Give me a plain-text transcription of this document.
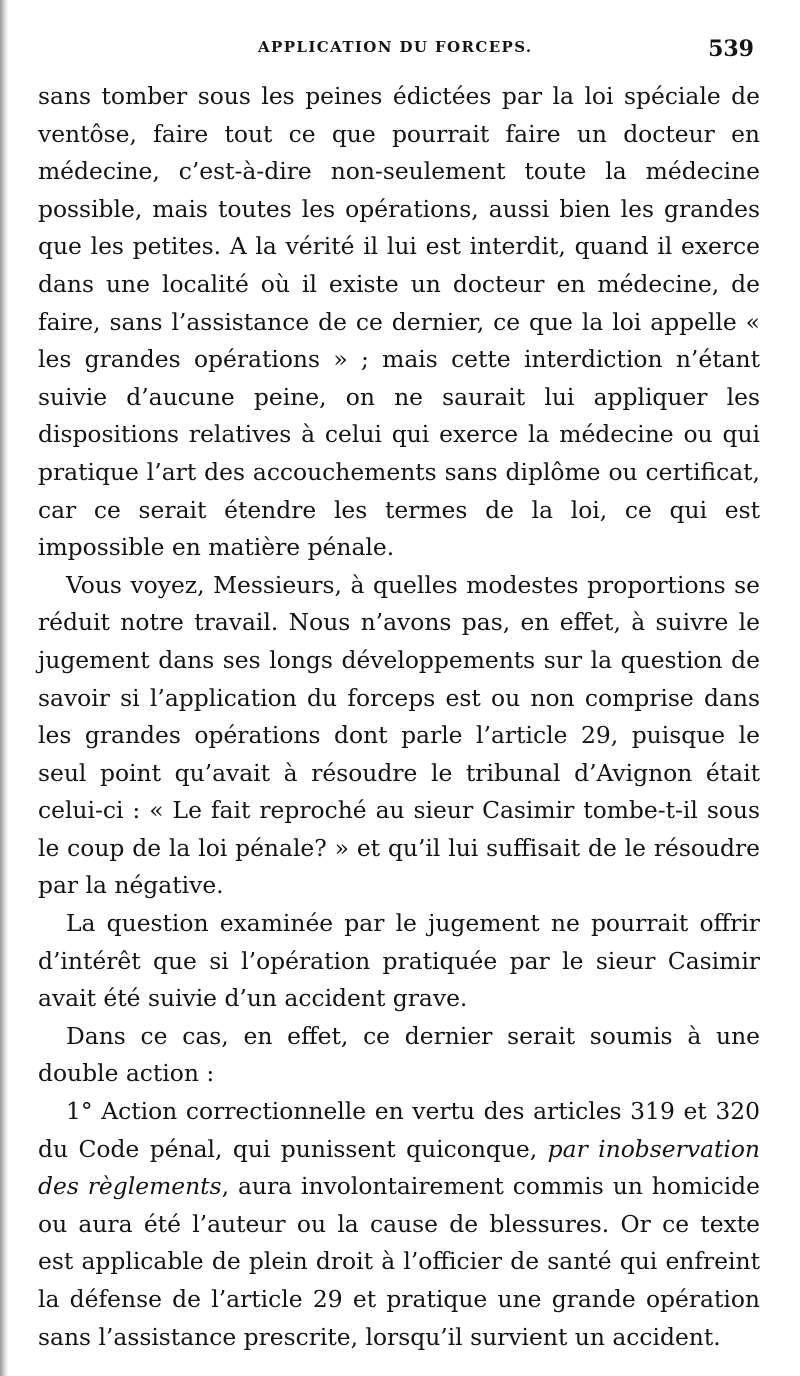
APPLICATION DU FORCEPS.	539

sans tomber sous les peines édictées par la loi spéciale de ventôse, faire tout ce que pourrait faire un docteur en médecine, c’est-à-dire non-seulement toute la médecine possible, mais toutes les opérations, aussi bien les grandes que les petites. A la vérité il lui est interdit, quand il exerce dans une localité où il existe un docteur en médecine, de faire, sans l’assistance de ce dernier, ce que la loi appelle « les grandes opérations » ; mais cette interdiction n’étant suivie d’aucune peine, on ne saurait lui appliquer les dispositions relatives à celui qui exerce la médecine ou qui pratique l’art des accouchements sans diplôme ou certificat, car ce serait étendre les termes de la loi, ce qui est impossible en matière pénale.

Vous voyez, Messieurs, à quelles modestes proportions se réduit notre travail. Nous n’avons pas, en effet, à suivre le jugement dans ses longs développements sur la question de savoir si l’application du forceps est ou non comprise dans les grandes opérations dont parle l’article 29, puisque le seul point qu’avait à résoudre le tribunal d’Avignon était celui-ci : « Le fait reproché au sieur Casimir tombe-t-il sous le coup de la loi pénale? » et qu’il lui suffisait de le résoudre par la négative.

La question examinée par le jugement ne pourrait offrir d’intérêt que si l’opération pratiquée par le sieur Casimir avait été suivie d’un accident grave.

Dans ce cas, en effet, ce dernier serait soumis à une double action :

1° Action correctionnelle en vertu des articles 319 et 320 du Code pénal, qui punissent quiconque, par inobservation des règlements, aura involontairement commis un homicide ou aura été l’auteur ou la cause de blessures. Or ce texte est applicable de plein droit à l’officier de santé qui enfreint la défense de l’article 29 et pratique une grande opération sans l’assistance prescrite, lorsqu’il survient un accident.
